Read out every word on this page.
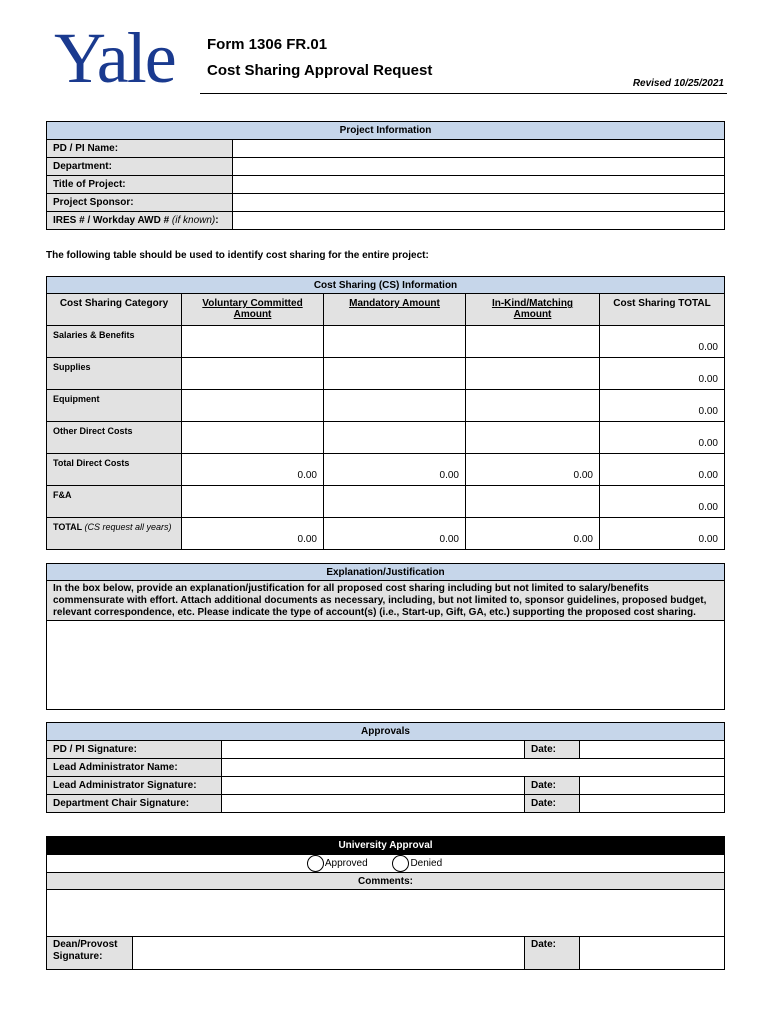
Yale Form 1306 FR.01
Cost Sharing Approval Request
Revised 10/25/2021
Project Information	
PD / PI Name:	
Department:	
Title of Project:	
Project Sponsor:	
IRES # / Workday AWD # (if known):	
The following table should be used to identify cost sharing for the entire project:
Cost Sharing (CS) Information				
Cost Sharing Category	Voluntary Committed Amount	Mandatory Amount	In-Kind/Matching Amount	Cost Sharing TOTAL
Salaries & Benefits				0.00
Supplies				0.00
Equipment				0.00
Other Direct Costs				0.00
Total Direct Costs	0.00	0.00	0.00	0.00
F&A				0.00
TOTAL (CS request all years)	0.00	0.00	0.00	0.00
Explanation/Justification
In the box below, provide an explanation/justification for all proposed cost sharing including but not limited to salary/benefits commensurate with effort. Attach additional documents as necessary, including, but not limited to, sponsor guidelines, proposed budget, relevant correspondence, etc. Please indicate the type of account(s) (i.e., Start-up, Gift, GA, etc.) supporting the proposed cost sharing.

Approvals			
PD / PI Signature:		Date:	
Lead Administrator Name:			
Lead Administrator Signature:		Date:	
Department Chair Signature:		Date:	
University Approval
Approved	Denied
Comments:

Dean/Provost Signature:		Date:	
